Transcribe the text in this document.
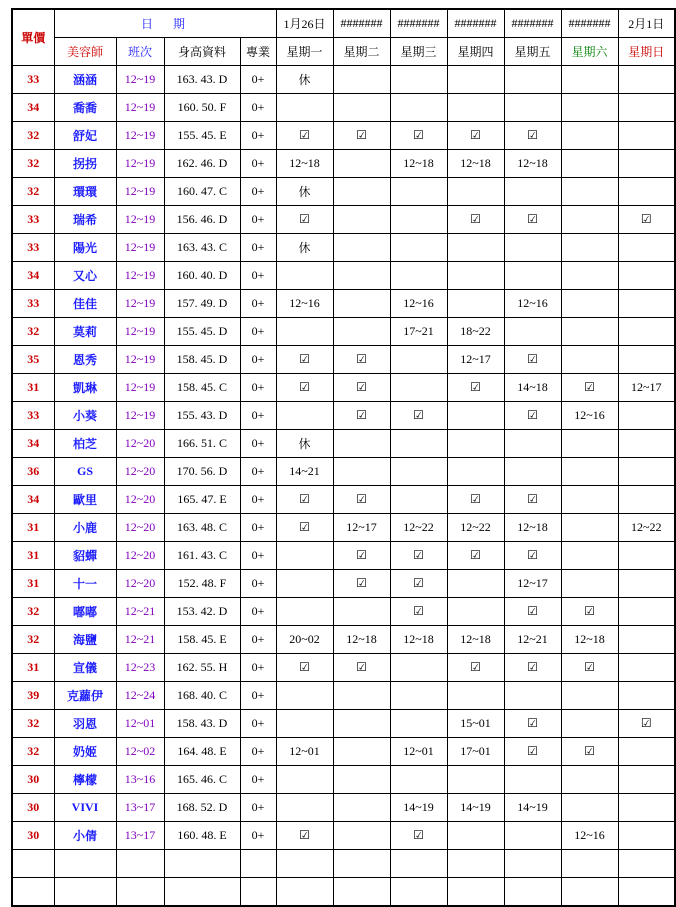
單價	日　期				1月26日	#######	#######	#######	#######	#######	2月1日
	美容師	班次	身高資料	專業	星期一	星期二	星期三	星期四	星期五	星期六	星期日
33	涵涵	12~19	163. 43. D	0+	休						
34	喬喬	12~19	160. 50. F	0+							
32	舒妃	12~19	155. 45. E	0+	☑	☑	☑	☑	☑		
32	拐拐	12~19	162. 46. D	0+	12~18		12~18	12~18	12~18		
32	環環	12~19	160. 47. C	0+	休						
33	瑞希	12~19	156. 46. D	0+	☑			☑	☑		☑
33	陽光	12~19	163. 43. C	0+	休						
34	又心	12~19	160. 40. D	0+							
33	佳佳	12~19	157. 49. D	0+	12~16		12~16		12~16		
32	莫莉	12~19	155. 45. D	0+			17~21	18~22			
35	恩秀	12~19	158. 45. D	0+	☑	☑		12~17	☑		
31	凱琳	12~19	158. 45. C	0+	☑	☑		☑	14~18	☑	12~17
33	小葵	12~19	155. 43. D	0+		☑	☑		☑	12~16	
34	柏芝	12~20	166. 51. C	0+	休						
36	GS	12~20	170. 56. D	0+	14~21						
34	歐里	12~20	165. 47. E	0+	☑	☑		☑	☑		
31	小鹿	12~20	163. 48. C	0+	☑	12~17	12~22	12~22	12~18		12~22
31	貂蟬	12~20	161. 43. C	0+		☑	☑	☑	☑		
31	十一	12~20	152. 48. F	0+		☑	☑		12~17		
32	嘟嘟	12~21	153. 42. D	0+			☑		☑	☑	
32	海鹽	12~21	158. 45. E	0+	20~02	12~18	12~18	12~18	12~21	12~18	
31	宣儀	12~23	162. 55. H	0+	☑	☑		☑	☑	☑	
39	克蘿伊	12~24	168. 40. C	0+							
32	羽恩	12~01	158. 43. D	0+				15~01	☑		☑
32	奶姬	12~02	164. 48. E	0+	12~01		12~01	17~01	☑	☑	
30	檸檬	13~16	165. 46. C	0+							
30	VIVI	13~17	168. 52. D	0+			14~19	14~19	14~19		
30	小倩	13~17	160. 48. E	0+	☑		☑			12~16	
